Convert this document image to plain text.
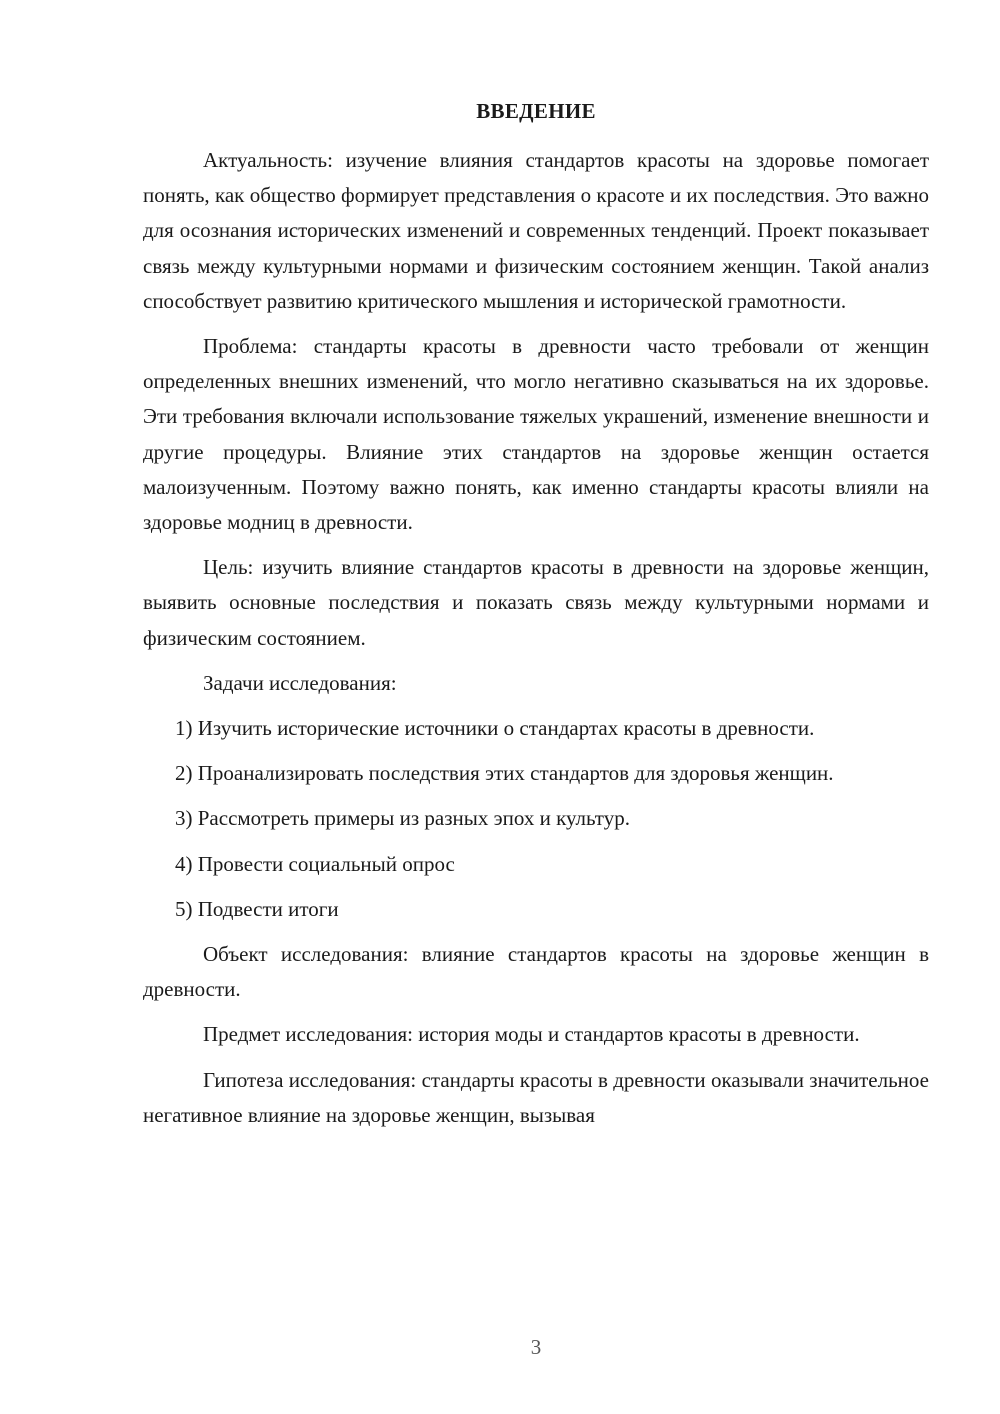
ВВЕДЕНИЕ

Актуальность: изучение влияния стандартов красоты на здоровье помогает понять, как общество формирует представления о красоте и их последствия. Это важно для осознания исторических изменений и современных тенденций. Проект показывает связь между культурными нормами и физическим состоянием женщин. Такой анализ способствует развитию критического мышления и исторической грамотности.

Проблема: стандарты красоты в древности часто требовали от женщин определенных внешних изменений, что могло негативно сказываться на их здоровье. Эти требования включали использование тяжелых украшений, изменение внешности и другие процедуры. Влияние этих стандартов на здоровье женщин остается малоизученным. Поэтому важно понять, как именно стандарты красоты влияли на здоровье модниц в древности.

Цель: изучить влияние стандартов красоты в древности на здоровье женщин, выявить основные последствия и показать связь между культурными нормами и физическим состоянием.

Задачи исследования:

1) Изучить исторические источники о стандартах красоты в древности.

2) Проанализировать последствия этих стандартов для здоровья женщин.

3) Рассмотреть примеры из разных эпох и культур.

4) Провести социальный опрос

5) Подвести итоги

Объект исследования: влияние стандартов красоты на здоровье женщин в древности.

Предмет исследования: история моды и стандартов красоты в древности.

Гипотеза исследования: стандарты красоты в древности оказывали значительное негативное влияние на здоровье женщин, вызывая

3
